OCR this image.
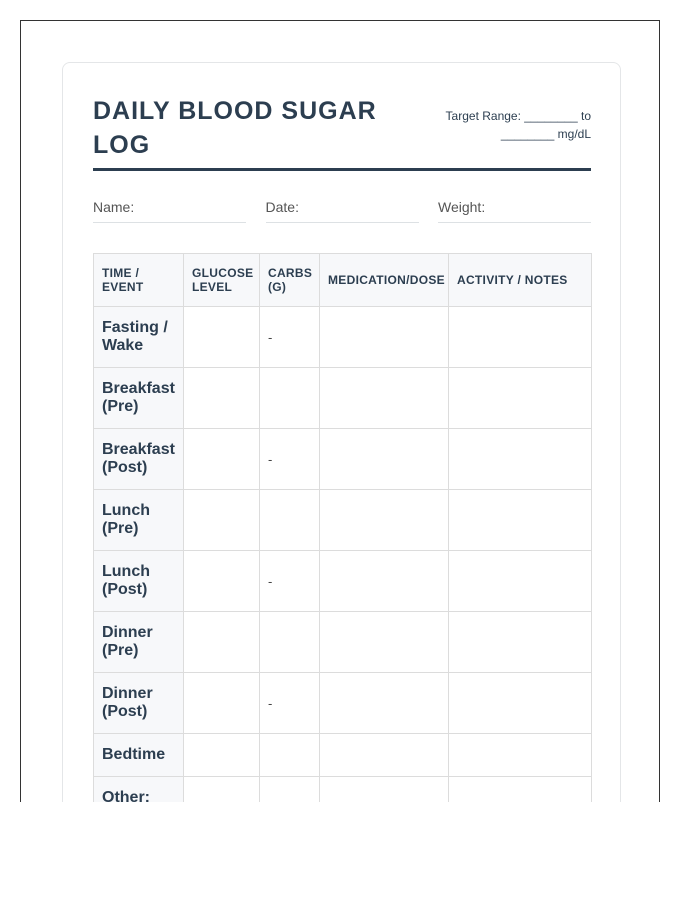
DAILY BLOOD SUGAR LOG
Target Range: ________ to ________ mg/dL
Name:	Date:	Weight:
TIME / EVENT	GLUCOSE LEVEL	CARBS (G)	MEDICATION/DOSE	ACTIVITY / NOTES
Fasting / Wake		-		
Breakfast (Pre)				
Breakfast (Post)		-		
Lunch (Pre)				
Lunch (Post)		-		
Dinner (Pre)				
Dinner (Post)		-		
Bedtime				
Other:				
